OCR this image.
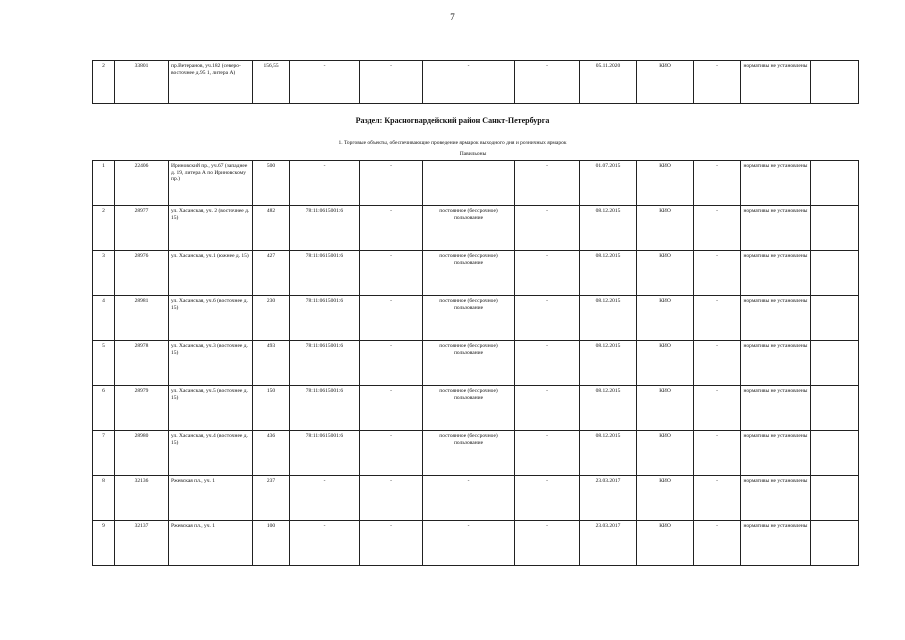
7
2	33801	пр.Ветеранов, уч.182 (северо-восточнее д.95 1, литера А)	156,55	-	-	-	-	05.11.2020	КИО	-	нормативы не установлены	
Раздел: Красногвардейский район Санкт-Петербурга
1. Торговые объекты, обеспечивающие проведение ярмарок выходного дня и розничных ярмарок
Павильоны
1	22406	Ириновский пр., уч.67 (западнее д. 19, литера А по Ириновскому пр.)	500	-	-		-	01.07.2015	КИО	-	нормативы не установлены	
2	28977	ул. Хасанская, уч. 2 (восточнее д. 15)	482	78:11:0615001:6	-	постоянное (бессрочное) пользование	-	08.12.2015	КИО	-	нормативы не установлены	
3	28976	ул. Хасанская, уч.1 (южнее д. 15)	427	78:11:0615001:6	-	постоянное (бессрочное) пользование	-	08.12.2015	КИО	-	нормативы не установлены	
4	28981	ул. Хасанская, уч.6 (восточнее д. 15)	230	78:11:0615001:6	-	постоянное (бессрочное) пользование	-	08.12.2015	КИО	-	нормативы не установлены	
5	28978	ул. Хасанская, уч.3 (восточнее д. 15)	493	78:11:0615001:6	-	постоянное (бессрочное) пользование	-	08.12.2015	КИО	-	нормативы не установлены	
6	28979	ул. Хасанская, уч.5 (восточнее д. 15)	150	78:11:0615001:6	-	постоянное (бессрочное) пользование	-	08.12.2015	КИО	-	нормативы не установлены	
7	28980	ул. Хасанская, уч.4 (восточнее д. 15)	436	78:11:0615001:6	-	постоянное (бессрочное) пользование	-	08.12.2015	КИО	-	нормативы не установлены	
8	32136	Ржевская пл., уч. 1	237	-	-	-	-	23.03.2017	КИО	-	нормативы не установлены	
9	32137	Ржевская пл., уч. 1	100	-	-	-	-	23.03.2017	КИО	-	нормативы не установлены	
